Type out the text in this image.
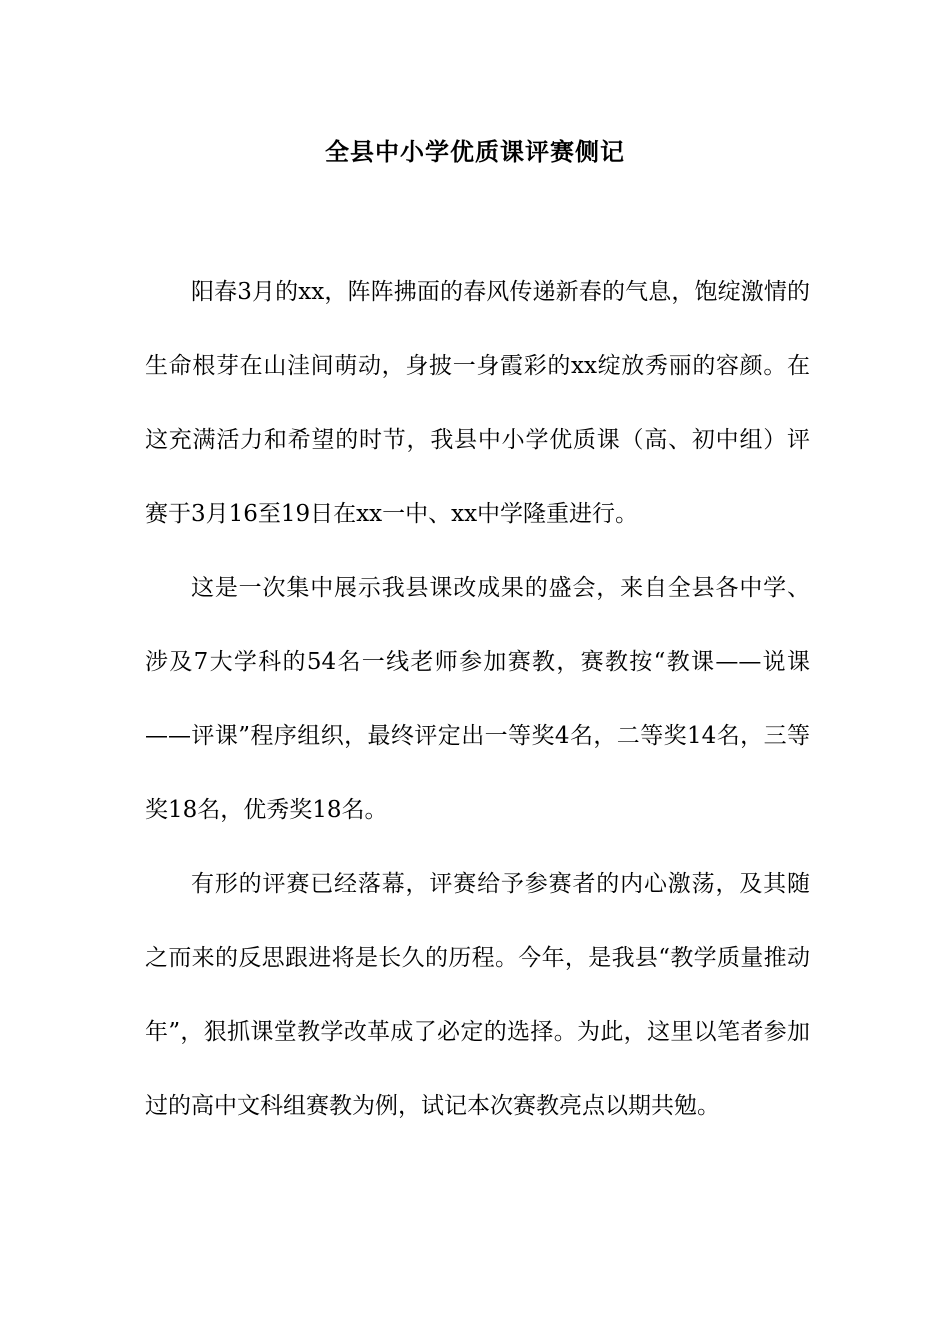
全县中小学优质课评赛侧记

阳春3月的xx，阵阵拂面的春风传递新春的气息，饱绽激情的生命根芽在山洼间萌动，身披一身霞彩的xx绽放秀丽的容颜。在这充满活力和希望的时节，我县中小学优质课（高、初中组）评赛于3月16至19日在xx一中、xx中学隆重进行。

这是一次集中展示我县课改成果的盛会，来自全县各中学、涉及7大学科的54名一线老师参加赛教，赛教按“教课——说课——评课”程序组织，最终评定出一等奖4名，二等奖14名，三等奖18名，优秀奖18名。

有形的评赛已经落幕，评赛给予参赛者的内心激荡，及其随之而来的反思跟进将是长久的历程。今年，是我县“教学质量推动年”，狠抓课堂教学改革成了必定的选择。为此，这里以笔者参加过的高中文科组赛教为例，试记本次赛教亮点以期共勉。
